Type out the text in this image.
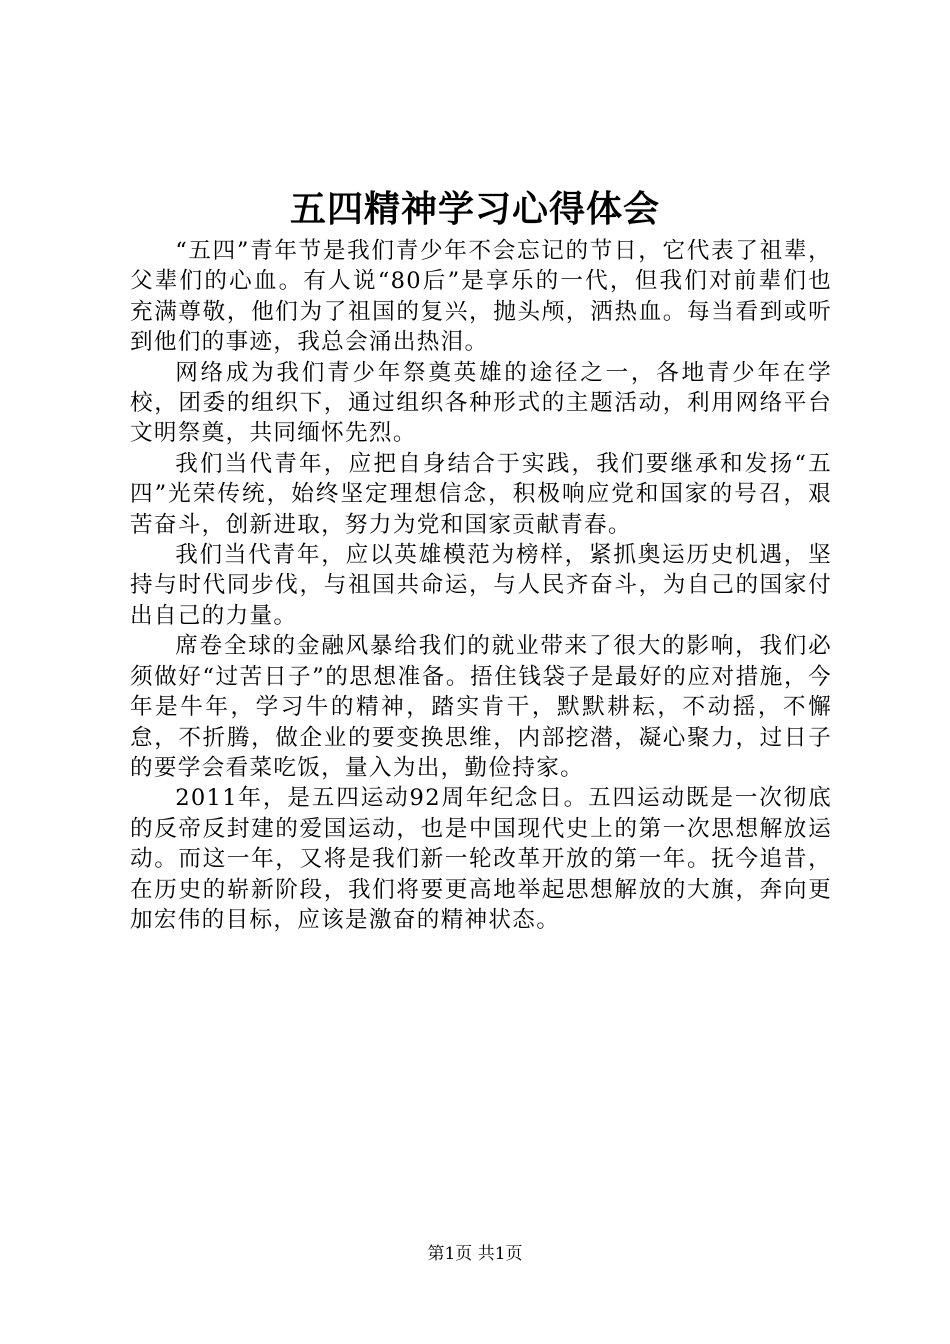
五四精神学习心得体会

“五四”青年节是我们青少年不会忘记的节日，它代表了祖辈，父辈们的心血。有人说“80后”是享乐的一代，但我们对前辈们也充满尊敬，他们为了祖国的复兴，抛头颅，洒热血。每当看到或听到他们的事迹，我总会涌出热泪。

网络成为我们青少年祭奠英雄的途径之一，各地青少年在学校，团委的组织下，通过组织各种形式的主题活动，利用网络平台文明祭奠，共同缅怀先烈。

我们当代青年，应把自身结合于实践，我们要继承和发扬“五四”光荣传统，始终坚定理想信念，积极响应党和国家的号召，艰苦奋斗，创新进取，努力为党和国家贡献青春。

我们当代青年，应以英雄模范为榜样，紧抓奥运历史机遇，坚持与时代同步伐，与祖国共命运，与人民齐奋斗，为自己的国家付出自己的力量。

席卷全球的金融风暴给我们的就业带来了很大的影响，我们必须做好“过苦日子”的思想准备。捂住钱袋子是最好的应对措施，今年是牛年，学习牛的精神，踏实肯干，默默耕耘，不动摇，不懈怠，不折腾，做企业的要变换思维，内部挖潜，凝心聚力，过日子的要学会看菜吃饭，量入为出，勤俭持家。

2011年，是五四运动92周年纪念日。五四运动既是一次彻底的反帝反封建的爱国运动，也是中国现代史上的第一次思想解放运动。而这一年，又将是我们新一轮改革开放的第一年。抚今追昔，在历史的崭新阶段，我们将要更高地举起思想解放的大旗，奔向更加宏伟的目标，应该是激奋的精神状态。

第1页 共1页
